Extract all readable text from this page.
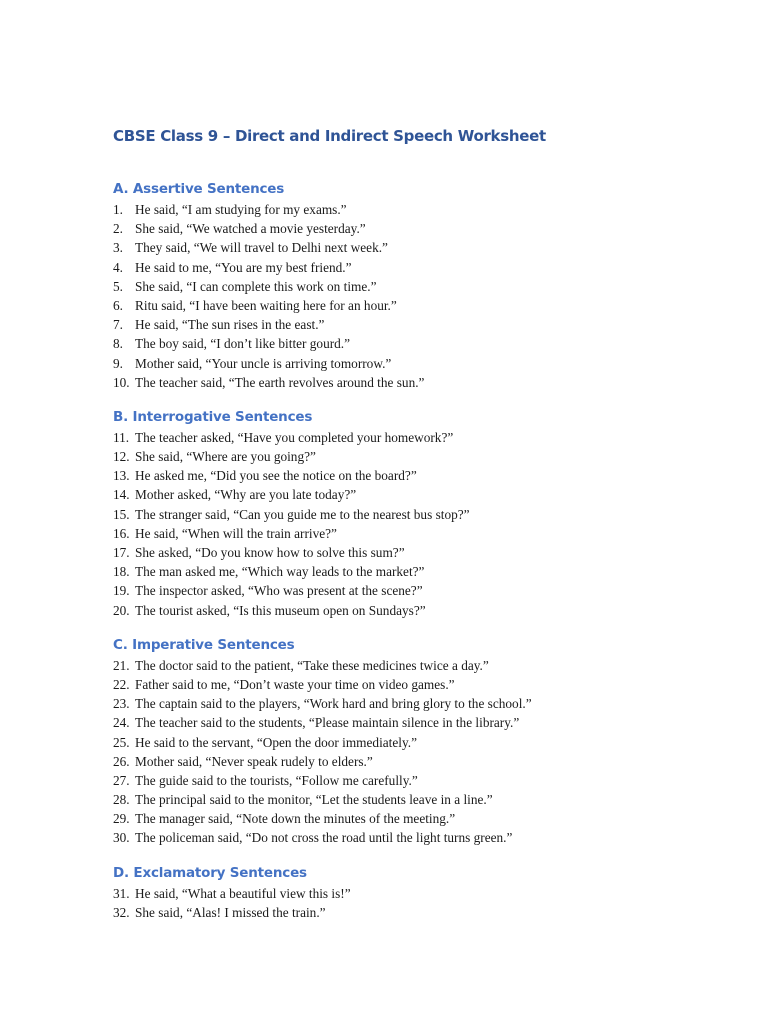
CBSE Class 9 – Direct and Indirect Speech Worksheet
A. Assertive Sentences
1. He said, “I am studying for my exams.”
2. She said, “We watched a movie yesterday.”
3. They said, “We will travel to Delhi next week.”
4. He said to me, “You are my best friend.”
5. She said, “I can complete this work on time.”
6. Ritu said, “I have been waiting here for an hour.”
7. He said, “The sun rises in the east.”
8. The boy said, “I don’t like bitter gourd.”
9. Mother said, “Your uncle is arriving tomorrow.”
10. The teacher said, “The earth revolves around the sun.”
B. Interrogative Sentences
11. The teacher asked, “Have you completed your homework?”
12. She said, “Where are you going?”
13. He asked me, “Did you see the notice on the board?”
14. Mother asked, “Why are you late today?”
15. The stranger said, “Can you guide me to the nearest bus stop?”
16. He said, “When will the train arrive?”
17. She asked, “Do you know how to solve this sum?”
18. The man asked me, “Which way leads to the market?”
19. The inspector asked, “Who was present at the scene?”
20. The tourist asked, “Is this museum open on Sundays?”
C. Imperative Sentences
21. The doctor said to the patient, “Take these medicines twice a day.”
22. Father said to me, “Don’t waste your time on video games.”
23. The captain said to the players, “Work hard and bring glory to the school.”
24. The teacher said to the students, “Please maintain silence in the library.”
25. He said to the servant, “Open the door immediately.”
26. Mother said, “Never speak rudely to elders.”
27. The guide said to the tourists, “Follow me carefully.”
28. The principal said to the monitor, “Let the students leave in a line.”
29. The manager said, “Note down the minutes of the meeting.”
30. The policeman said, “Do not cross the road until the light turns green.”
D. Exclamatory Sentences
31. He said, “What a beautiful view this is!”
32. She said, “Alas! I missed the train.”
